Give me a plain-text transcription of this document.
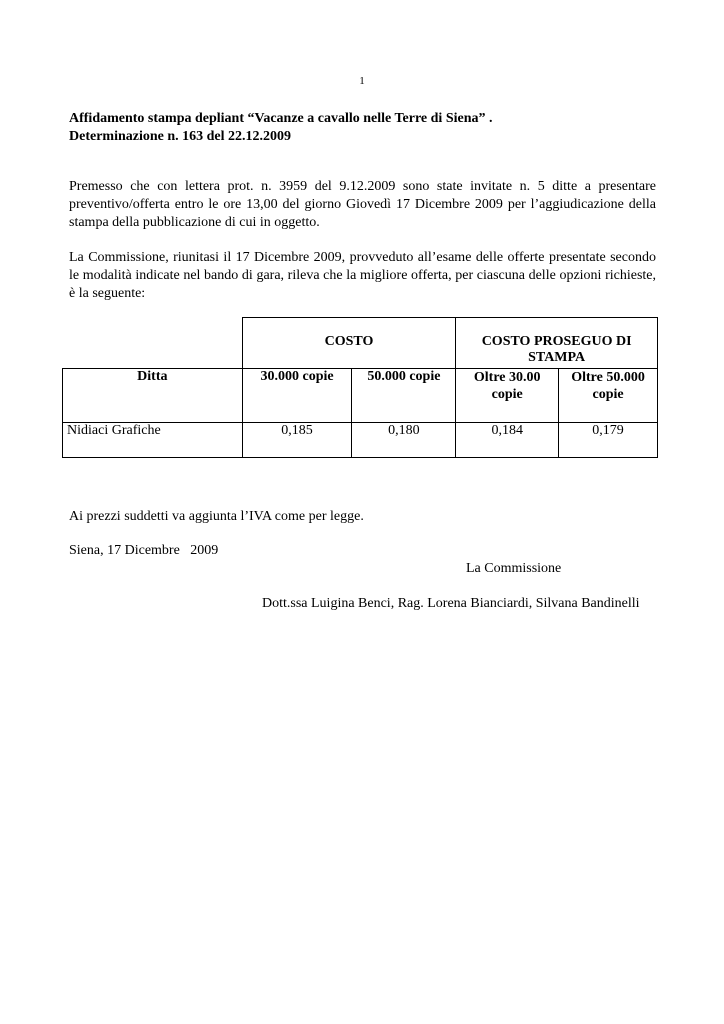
1
Affidamento stampa depliant “Vacanze a cavallo nelle Terre di Siena” .
Determinazione n. 163 del 22.12.2009
Premesso che con lettera prot. n. 3959 del 9.12.2009 sono state invitate n. 5 ditte a presentare preventivo/offerta entro le ore 13,00 del giorno Giovedì 17 Dicembre 2009 per l’aggiudicazione della stampa della pubblicazione di cui in oggetto.
La Commissione, riunitasi il 17 Dicembre 2009, provveduto all’esame delle offerte presentate secondo le modalità indicate nel bando di gara, rileva che la migliore offerta, per ciascuna delle opzioni richieste, è la seguente:
	COSTO		COSTO PROSEGUO DI STAMPA	
Ditta	30.000 copie	50.000 copie	Oltre 30.00 copie	Oltre 50.000 copie
Nidiaci Grafiche	0,185	0,180	0,184	0,179
Ai prezzi suddetti va aggiunta l’IVA come per legge.
Siena, 17 Dicembre   2009
La Commissione
Dott.ssa Luigina Benci, Rag. Lorena Bianciardi, Silvana Bandinelli
